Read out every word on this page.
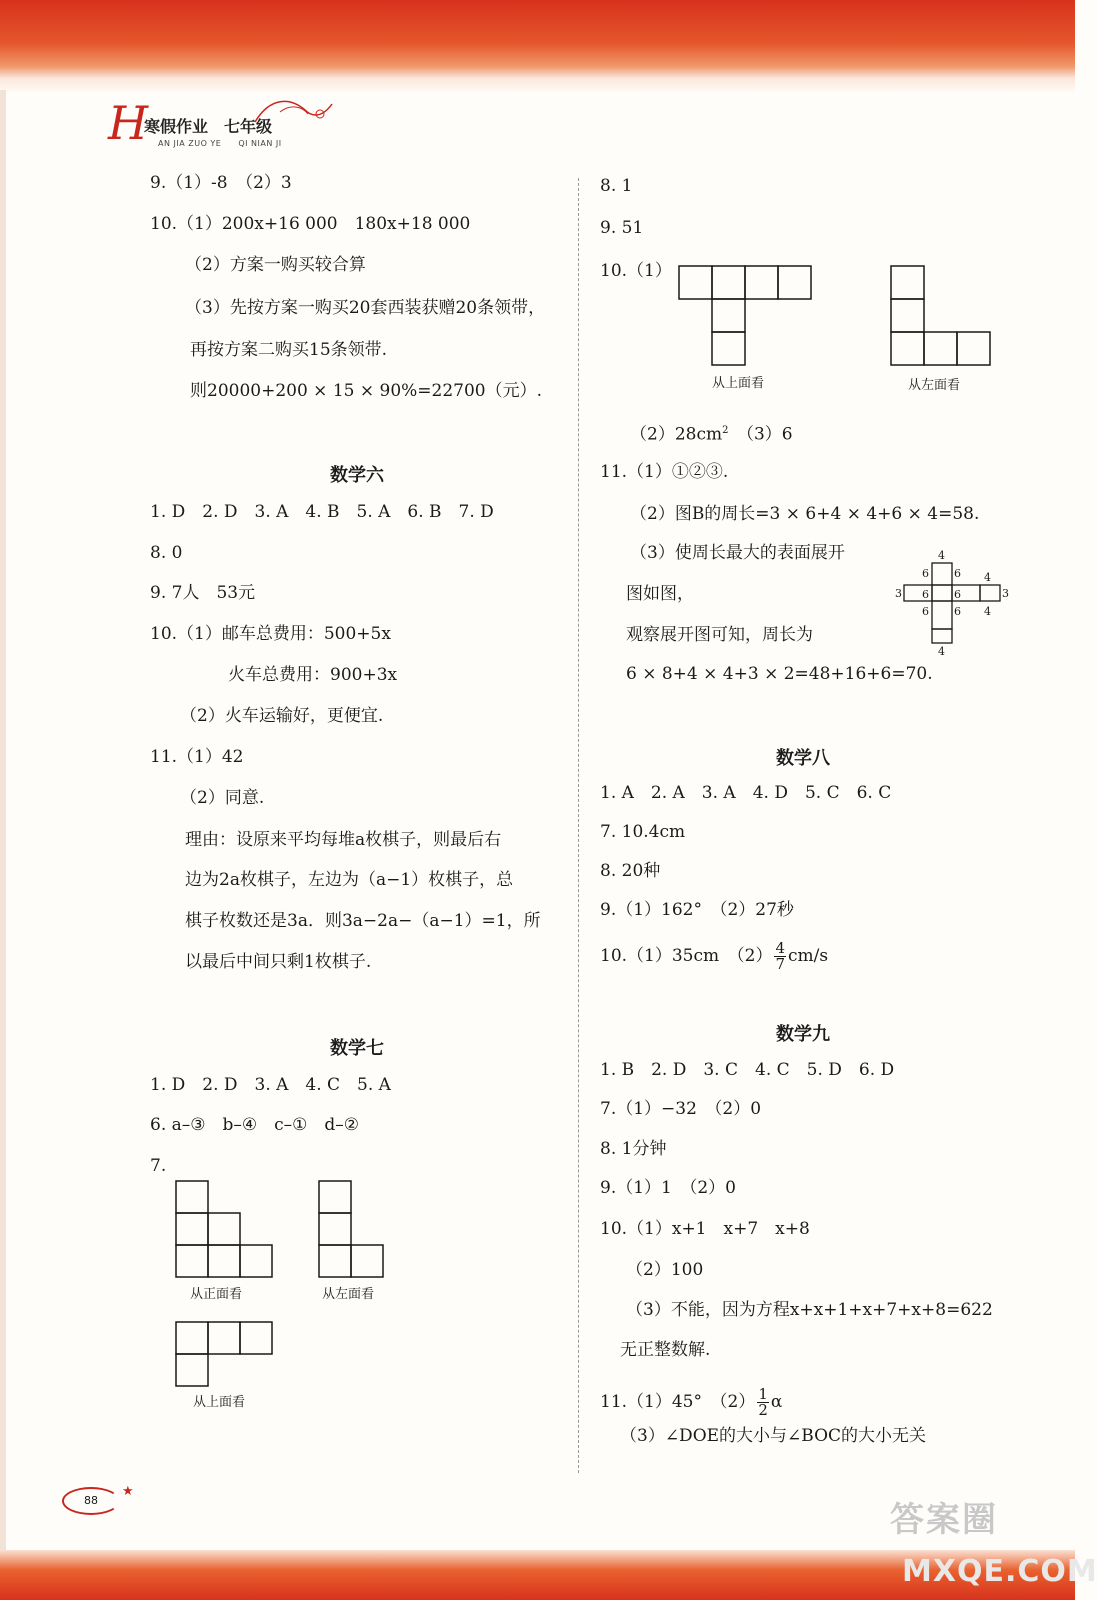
H
寒假作业　七年级
AN JIA ZUO YE　　QI NIAN JI
9.（1）-8　（2）3
10.（1）200x+16 000　180x+18 000
（2）方案一购买较合算
（3）先按方案一购买20套西装获赠20条领带，
再按方案二购买15条领带.
则20000+200 × 15 × 90%=22700（元）.
数学六
1. D　2. D　3. A　4. B　5. A　6. B　7. D
8. 0
9. 7人　53元
10.（1）邮车总费用：500+5x
火车总费用：900+3x
（2）火车运输好，更便宜.
11.（1）42
（2）同意.
理由：设原来平均每堆a枚棋子，则最后右
边为2a枚棋子，左边为（a−1）枚棋子，总
棋子枚数还是3a．则3a−2a−（a−1）=1，所
以最后中间只剩1枚棋子.
数学七
1. D　2. D　3. A　4. C　5. A
6. a–③　b–④　c–①　d–②
7.
从正面看	从左面看
从上面看
8. 1
9. 51
10.（1）
从上面看	从左面看
$(2)28cm^2$　（3）6
11.（1）①②③.
（2）图B的周长=3 × 6+4 × 4+6 × 4=58.
（3）使周长最大的表面展开
图如图，
观察展开图可知，周长为
6 × 8+4 × 4+3 × 2=48+16+6=70.
4
6 6
3 6 6	3
6 6 4
4
4
数学八
1. A　2. A　3. A　4. D　5. C　6. C
7. 10.4cm
8. 20种
9.（1）162°　（2）27秒
10.（1）35cm　$(2) \frac{4}{7} cm/s$
数学九
1. B　2. D　3. C　4. C　5. D　6. D
7.（1）−32　（2）0
8. 1分钟
9.（1）1　（2）0
10.（1）x+1　x+7　x+8
（2）100
（3）不能，因为方程x+x+1+x+7+x+8=622
无正整数解.
11.（1）45°　$(2) \frac{1}{2}$ α
（3）∠DOE的大小与∠BOC的大小无关
88
★
答案圈
MXQE.COM
